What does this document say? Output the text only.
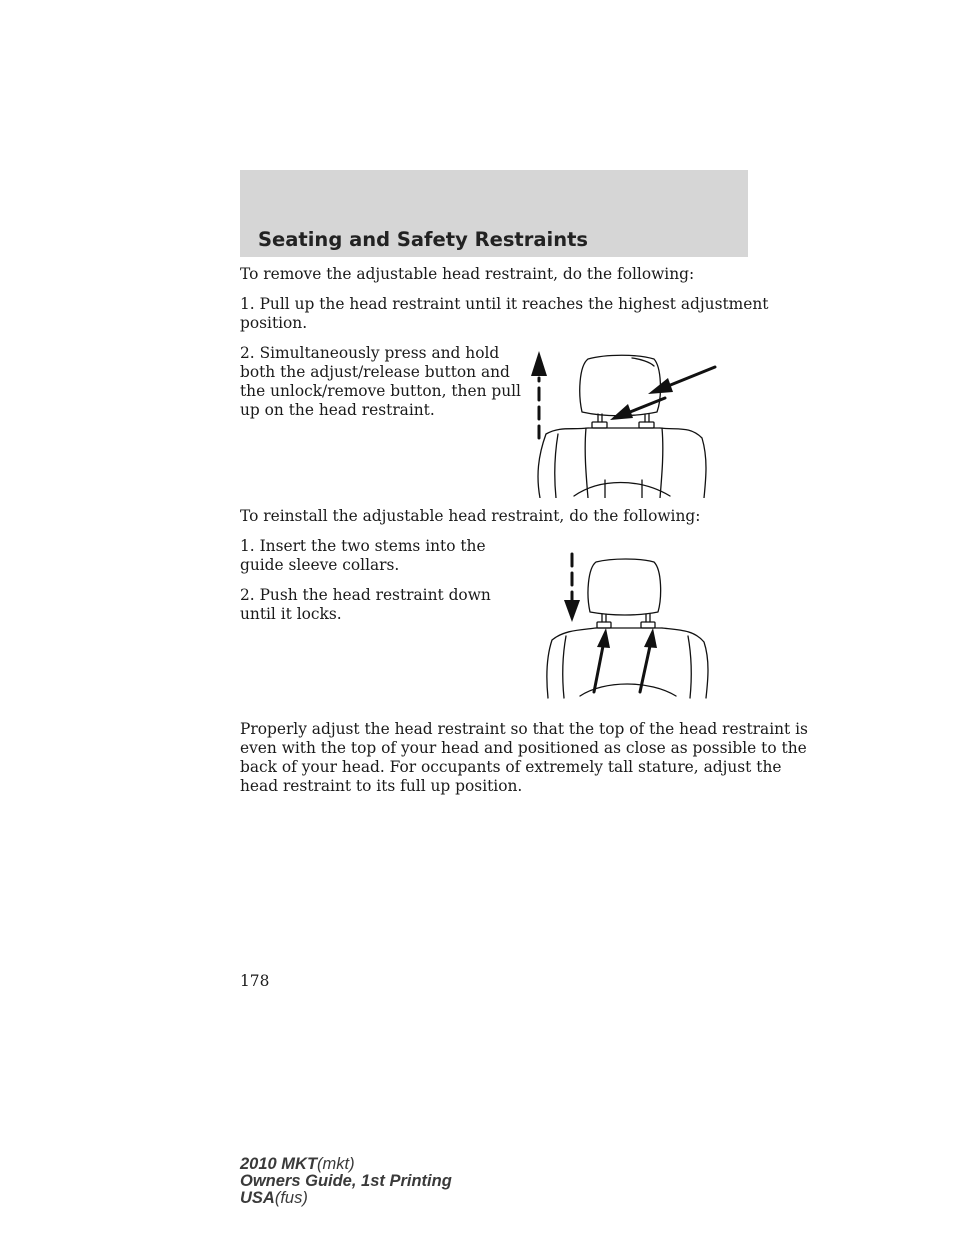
Seating and Safety Restraints

To remove the adjustable head restraint, do the following:

1. Pull up the head restraint until it reaches the highest adjustment

position.

2. Simultaneously press and hold

both the adjust/release button and

the unlock/remove button, then pull

up on the head restraint.

To reinstall the adjustable head restraint, do the following:

1. Insert the two stems into the

guide sleeve collars.

2. Push the head restraint down

until it locks.

Properly adjust the head restraint so that the top of the head restraint is

even with the top of your head and positioned as close as possible to the

back of your head. For occupants of extremely tall stature, adjust the

head restraint to its full up position.

178
2010 MKT(mkt)
Owners Guide, 1st Printing
USA(fus)
